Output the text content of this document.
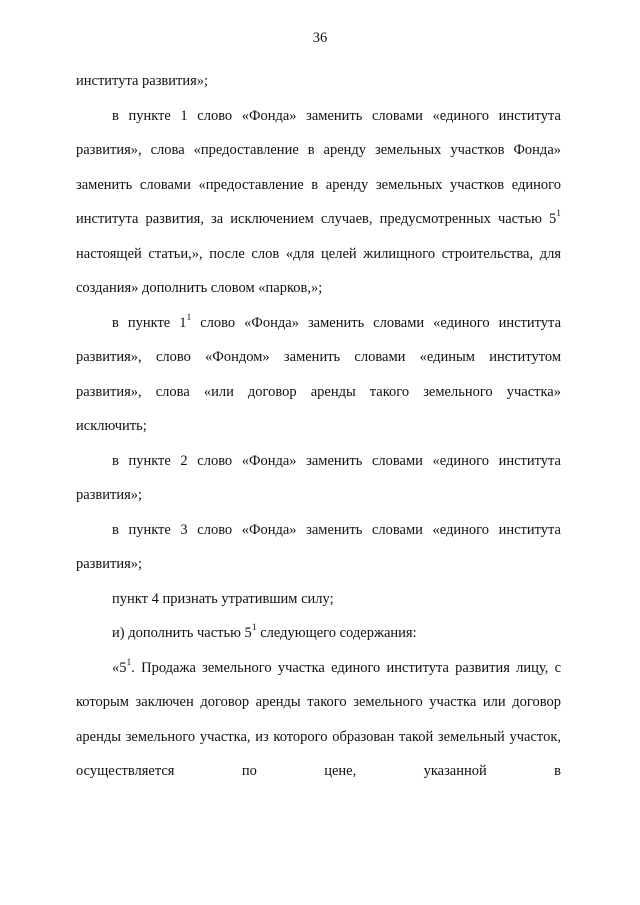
36

института развития»;

в пункте 1 слово «Фонда» заменить словами «единого института развития», слова «предоставление в аренду земельных участков Фонда» заменить словами «предоставление в аренду земельных участков единого института развития, за исключением случаев, предусмотренных частью $5^1$ настоящей статьи,», после слов «для целей жилищного строительства, для создания» дополнить словом «парков,»;

в пункте $1^1$ слово «Фонда» заменить словами «единого института развития», слово «Фондом» заменить словами «единым институтом развития», слова «или договор аренды такого земельного участка» исключить;

в пункте 2 слово «Фонда» заменить словами «единого института развития»;

в пункте 3 слово «Фонда» заменить словами «единого института развития»;

пункт 4 признать утратившим силу;

и) дополнить частью $5^1$ следующего содержания:

«$5^1$. Продажа земельного участка единого института развития лицу, с которым заключен договор аренды такого земельного участка или договор аренды земельного участка, из которого образован такой земельный участок, осуществляется по цене, указанной в
